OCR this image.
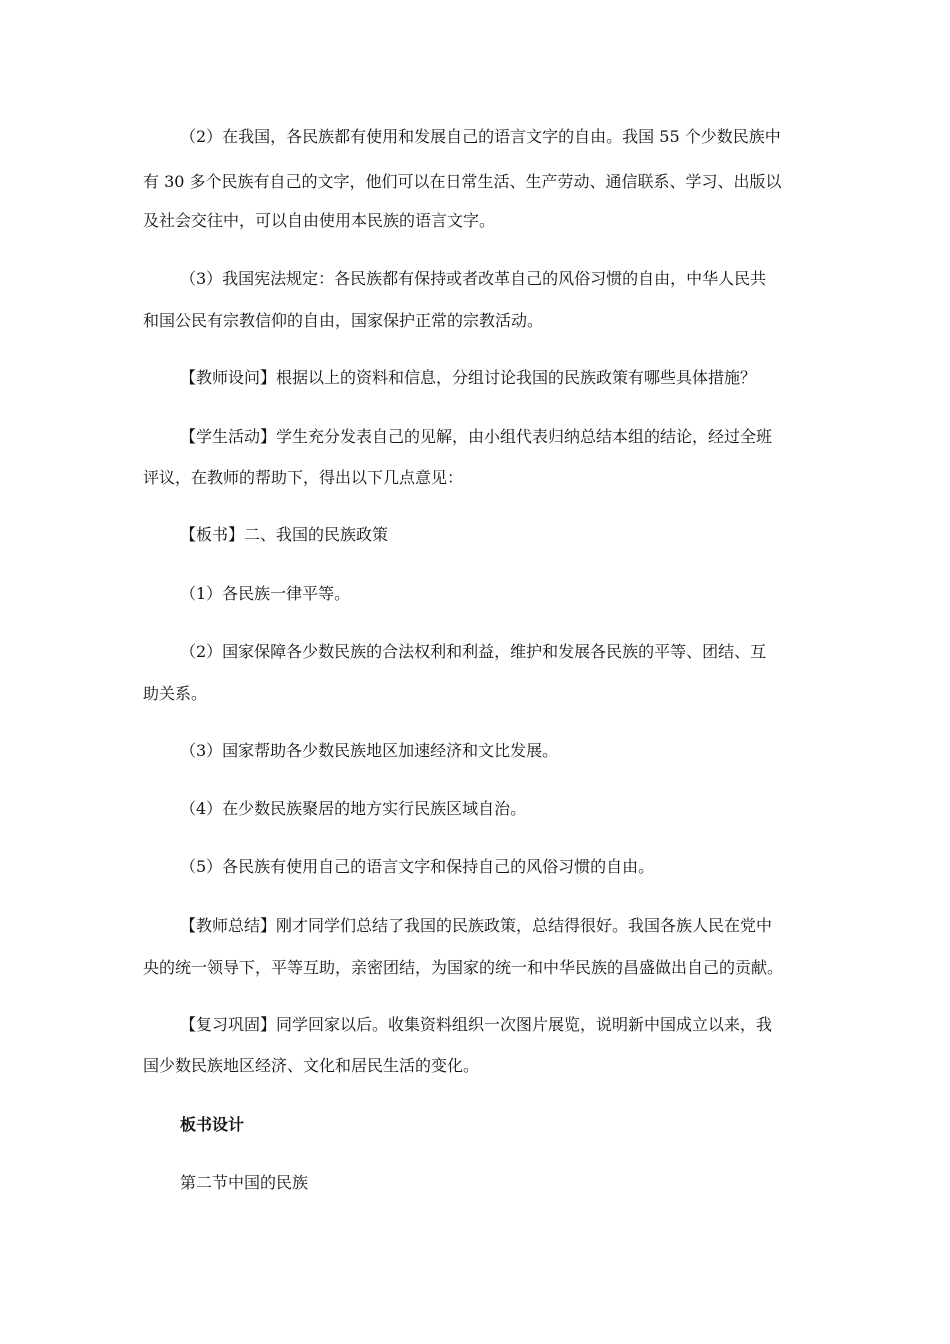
（2）在我国，各民族都有使用和发展自己的语言文字的自由。我国 55 个少数民族中
有 30 多个民族有自己的文字，他们可以在日常生活、生产劳动、通信联系、学习、出版以
及社会交往中，可以自由使用本民族的语言文字。
（3）我国宪法规定：各民族都有保持或者改革自己的风俗习惯的自由，中华人民共
和国公民有宗教信仰的自由，国家保护正常的宗教活动。
【教师设问】根据以上的资料和信息，分组讨论我国的民族政策有哪些具体措施？
【学生活动】学生充分发表自己的见解，由小组代表归纳总结本组的结论，经过全班
评议，在教师的帮助下，得出以下几点意见：
【板书】二、我国的民族政策
（1）各民族一律平等。
（2）国家保障各少数民族的合法权利和利益，维护和发展各民族的平等、团结、互
助关系。
（3）国家帮助各少数民族地区加速经济和文比发展。
（4）在少数民族聚居的地方实行民族区域自治。
（5）各民族有使用自己的语言文字和保持自己的风俗习惯的自由。
【教师总结】刚才同学们总结了我国的民族政策，总结得很好。我国各族人民在党中
央的统一领导下，平等互助，亲密团结，为国家的统一和中华民族的昌盛做出自己的贡献。
【复习巩固】同学回家以后。收集资料组织一次图片展览，说明新中国成立以来，我
国少数民族地区经济、文化和居民生活的变化。
板书设计
第二节中国的民族
